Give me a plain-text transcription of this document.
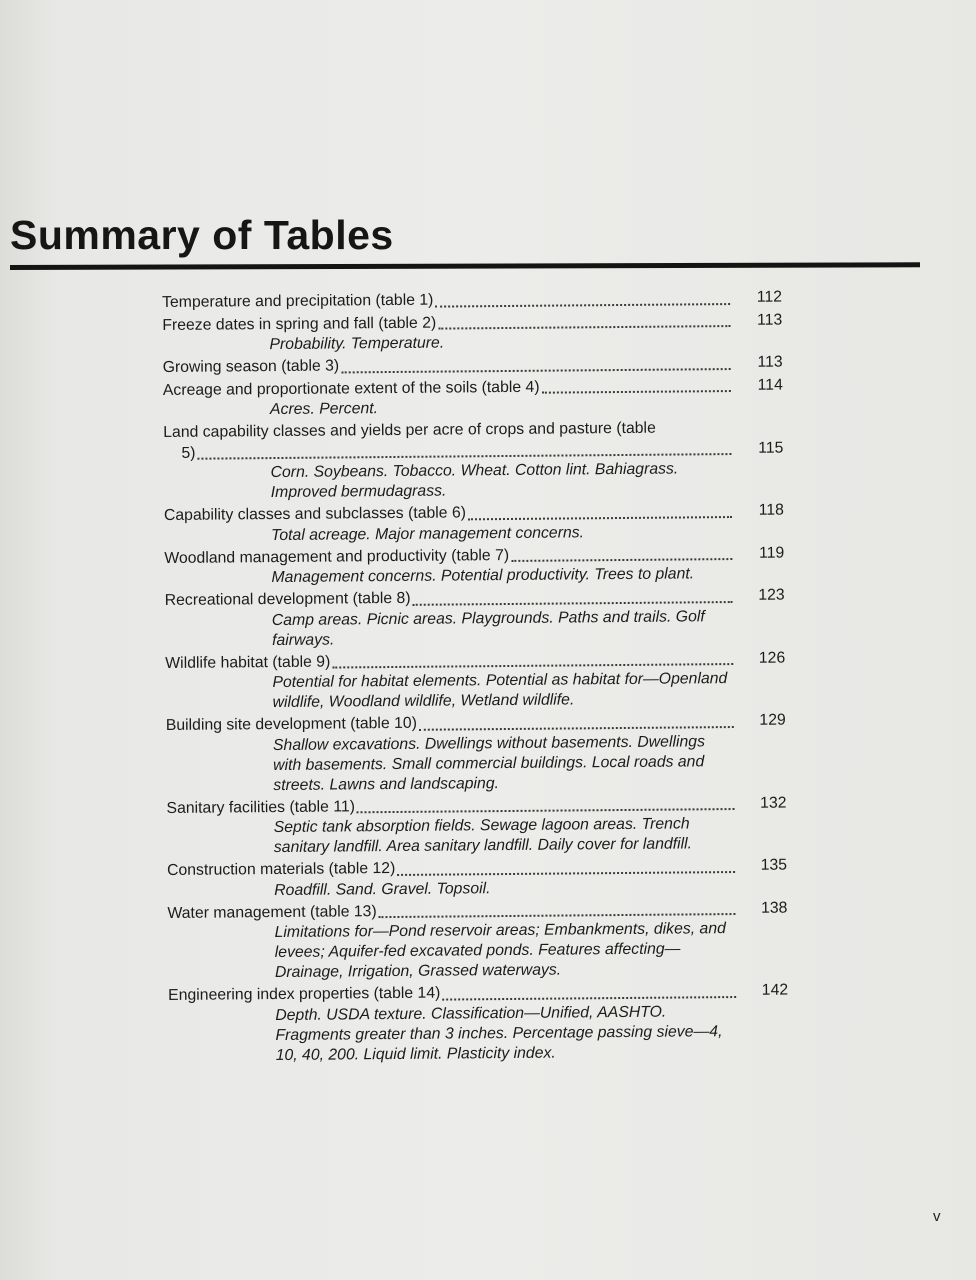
Summary of Tables
Temperature and precipitation (table 1)	112
Freeze dates in spring and fall (table 2)	113
Probability. Temperature.
Growing season (table 3)	113
Acreage and proportionate extent of the soils (table 4)	114
Acres. Percent.
Land capability classes and yields per acre of crops and pasture (table
5)	115
Corn. Soybeans. Tobacco. Wheat. Cotton lint. Bahiagrass. Improved bermudagrass.
Capability classes and subclasses (table 6)	118
Total acreage. Major management concerns.
Woodland management and productivity (table 7)	119
Management concerns. Potential productivity. Trees to plant.
Recreational development (table 8)	123
Camp areas. Picnic areas. Playgrounds. Paths and trails. Golf fairways.
Wildlife habitat (table 9)	126
Potential for habitat elements. Potential as habitat for—Openland wildlife, Woodland wildlife, Wetland wildlife.
Building site development (table 10)	129
Shallow excavations. Dwellings without basements. Dwellings with basements. Small commercial buildings. Local roads and streets. Lawns and landscaping.
Sanitary facilities (table 11)	132
Septic tank absorption fields. Sewage lagoon areas. Trench sanitary landfill. Area sanitary landfill. Daily cover for landfill.
Construction materials (table 12)	135
Roadfill. Sand. Gravel. Topsoil.
Water management (table 13)	138
Limitations for—Pond reservoir areas; Embankments, dikes, and levees; Aquifer-fed excavated ponds. Features affecting—Drainage, Irrigation, Grassed waterways.
Engineering index properties (table 14)	142
Depth. USDA texture. Classification—Unified, AASHTO. Fragments greater than 3 inches. Percentage passing sieve—4, 10, 40, 200. Liquid limit. Plasticity index.
v
